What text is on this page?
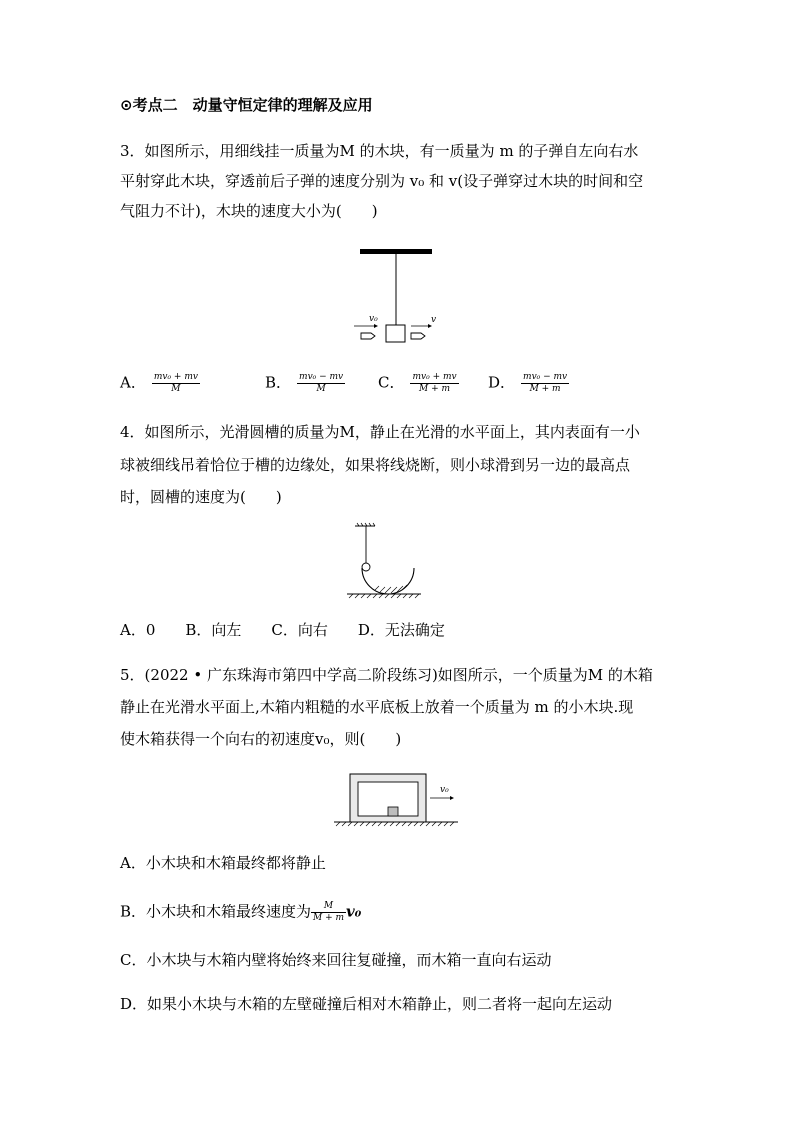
⊙考点二　动量守恒定律的理解及应用
3．如图所示，用细线挂一质量为M 的木块，有一质量为 m 的子弹自左向右水
平射穿此木块，穿透前后子弹的速度分别为 v₀ 和 v(设子弹穿过木块的时间和空
气阻力不计)，木块的速度大小为(　　)
v₀	v
A． $\frac{\text{mv₀ + mv}}{M}$	B． $\frac{\text{mv₀ − mv}}{M}$ C． $\frac{\text{mv₀ + mv}}{M + m}$ D． $\frac{\text{mv₀ − mv}}{M + m}$
4．如图所示，光滑圆槽的质量为M，静止在光滑的水平面上，其内表面有一小
球被细线吊着恰位于槽的边缘处，如果将线烧断，则小球滑到另一边的最高点
时，圆槽的速度为(　　)
A．0　　B．向左　　C．向右　　D．无法确定
5．(2022 • 广东珠海市第四中学高二阶段练习)如图所示，一个质量为M 的木箱
静止在光滑水平面上,木箱内粗糙的水平底板上放着一个质量为 m 的小木块.现
使木箱获得一个向右的初速度v₀，则(　　)
v₀
A．小木块和木箱最终都将静止
B．小木块和木箱最终速度为 $\frac{M}{M + m} v_0$
C．小木块与木箱内壁将始终来回往复碰撞，而木箱一直向右运动
D．如果小木块与木箱的左壁碰撞后相对木箱静止，则二者将一起向左运动
